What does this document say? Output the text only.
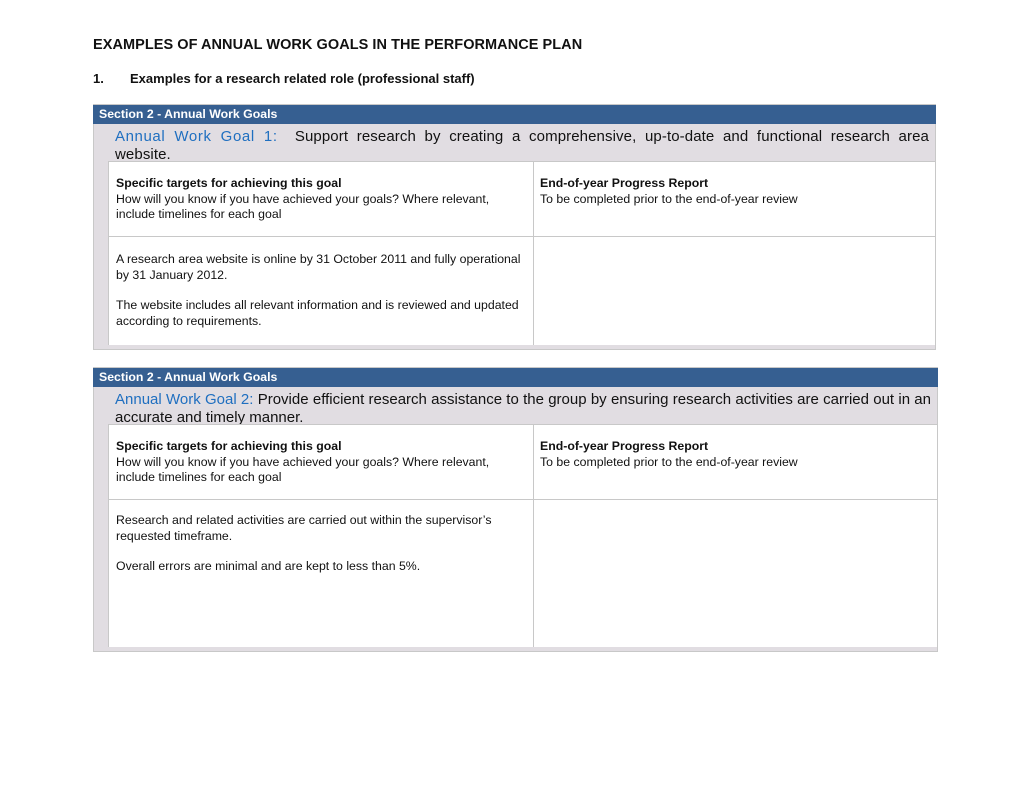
EXAMPLES OF ANNUAL WORK GOALS IN THE PERFORMANCE PLAN
1. Examples for a research related role (professional staff)
Section 2 - Annual Work Goals
Annual Work Goal 1: Support research by creating a comprehensive, up-to-date and functional research area website.
Specific targets for achieving this goal
How will you know if you have achieved your goals? Where relevant, include timelines for each goal
End-of-year Progress Report
To be completed prior to the end-of-year review

A research area website is online by 31 October 2011 and fully operational by 31 January 2012.

The website includes all relevant information and is reviewed and updated according to requirements.

Section 2 - Annual Work Goals
Annual Work Goal 2: Provide efficient research assistance to the group by ensuring research activities are carried out in an accurate and timely manner.
Specific targets for achieving this goal
How will you know if you have achieved your goals? Where relevant, include timelines for each goal
End-of-year Progress Report
To be completed prior to the end-of-year review

Research and related activities are carried out within the supervisor’s requested timeframe.

Overall errors are minimal and are kept to less than 5%.
